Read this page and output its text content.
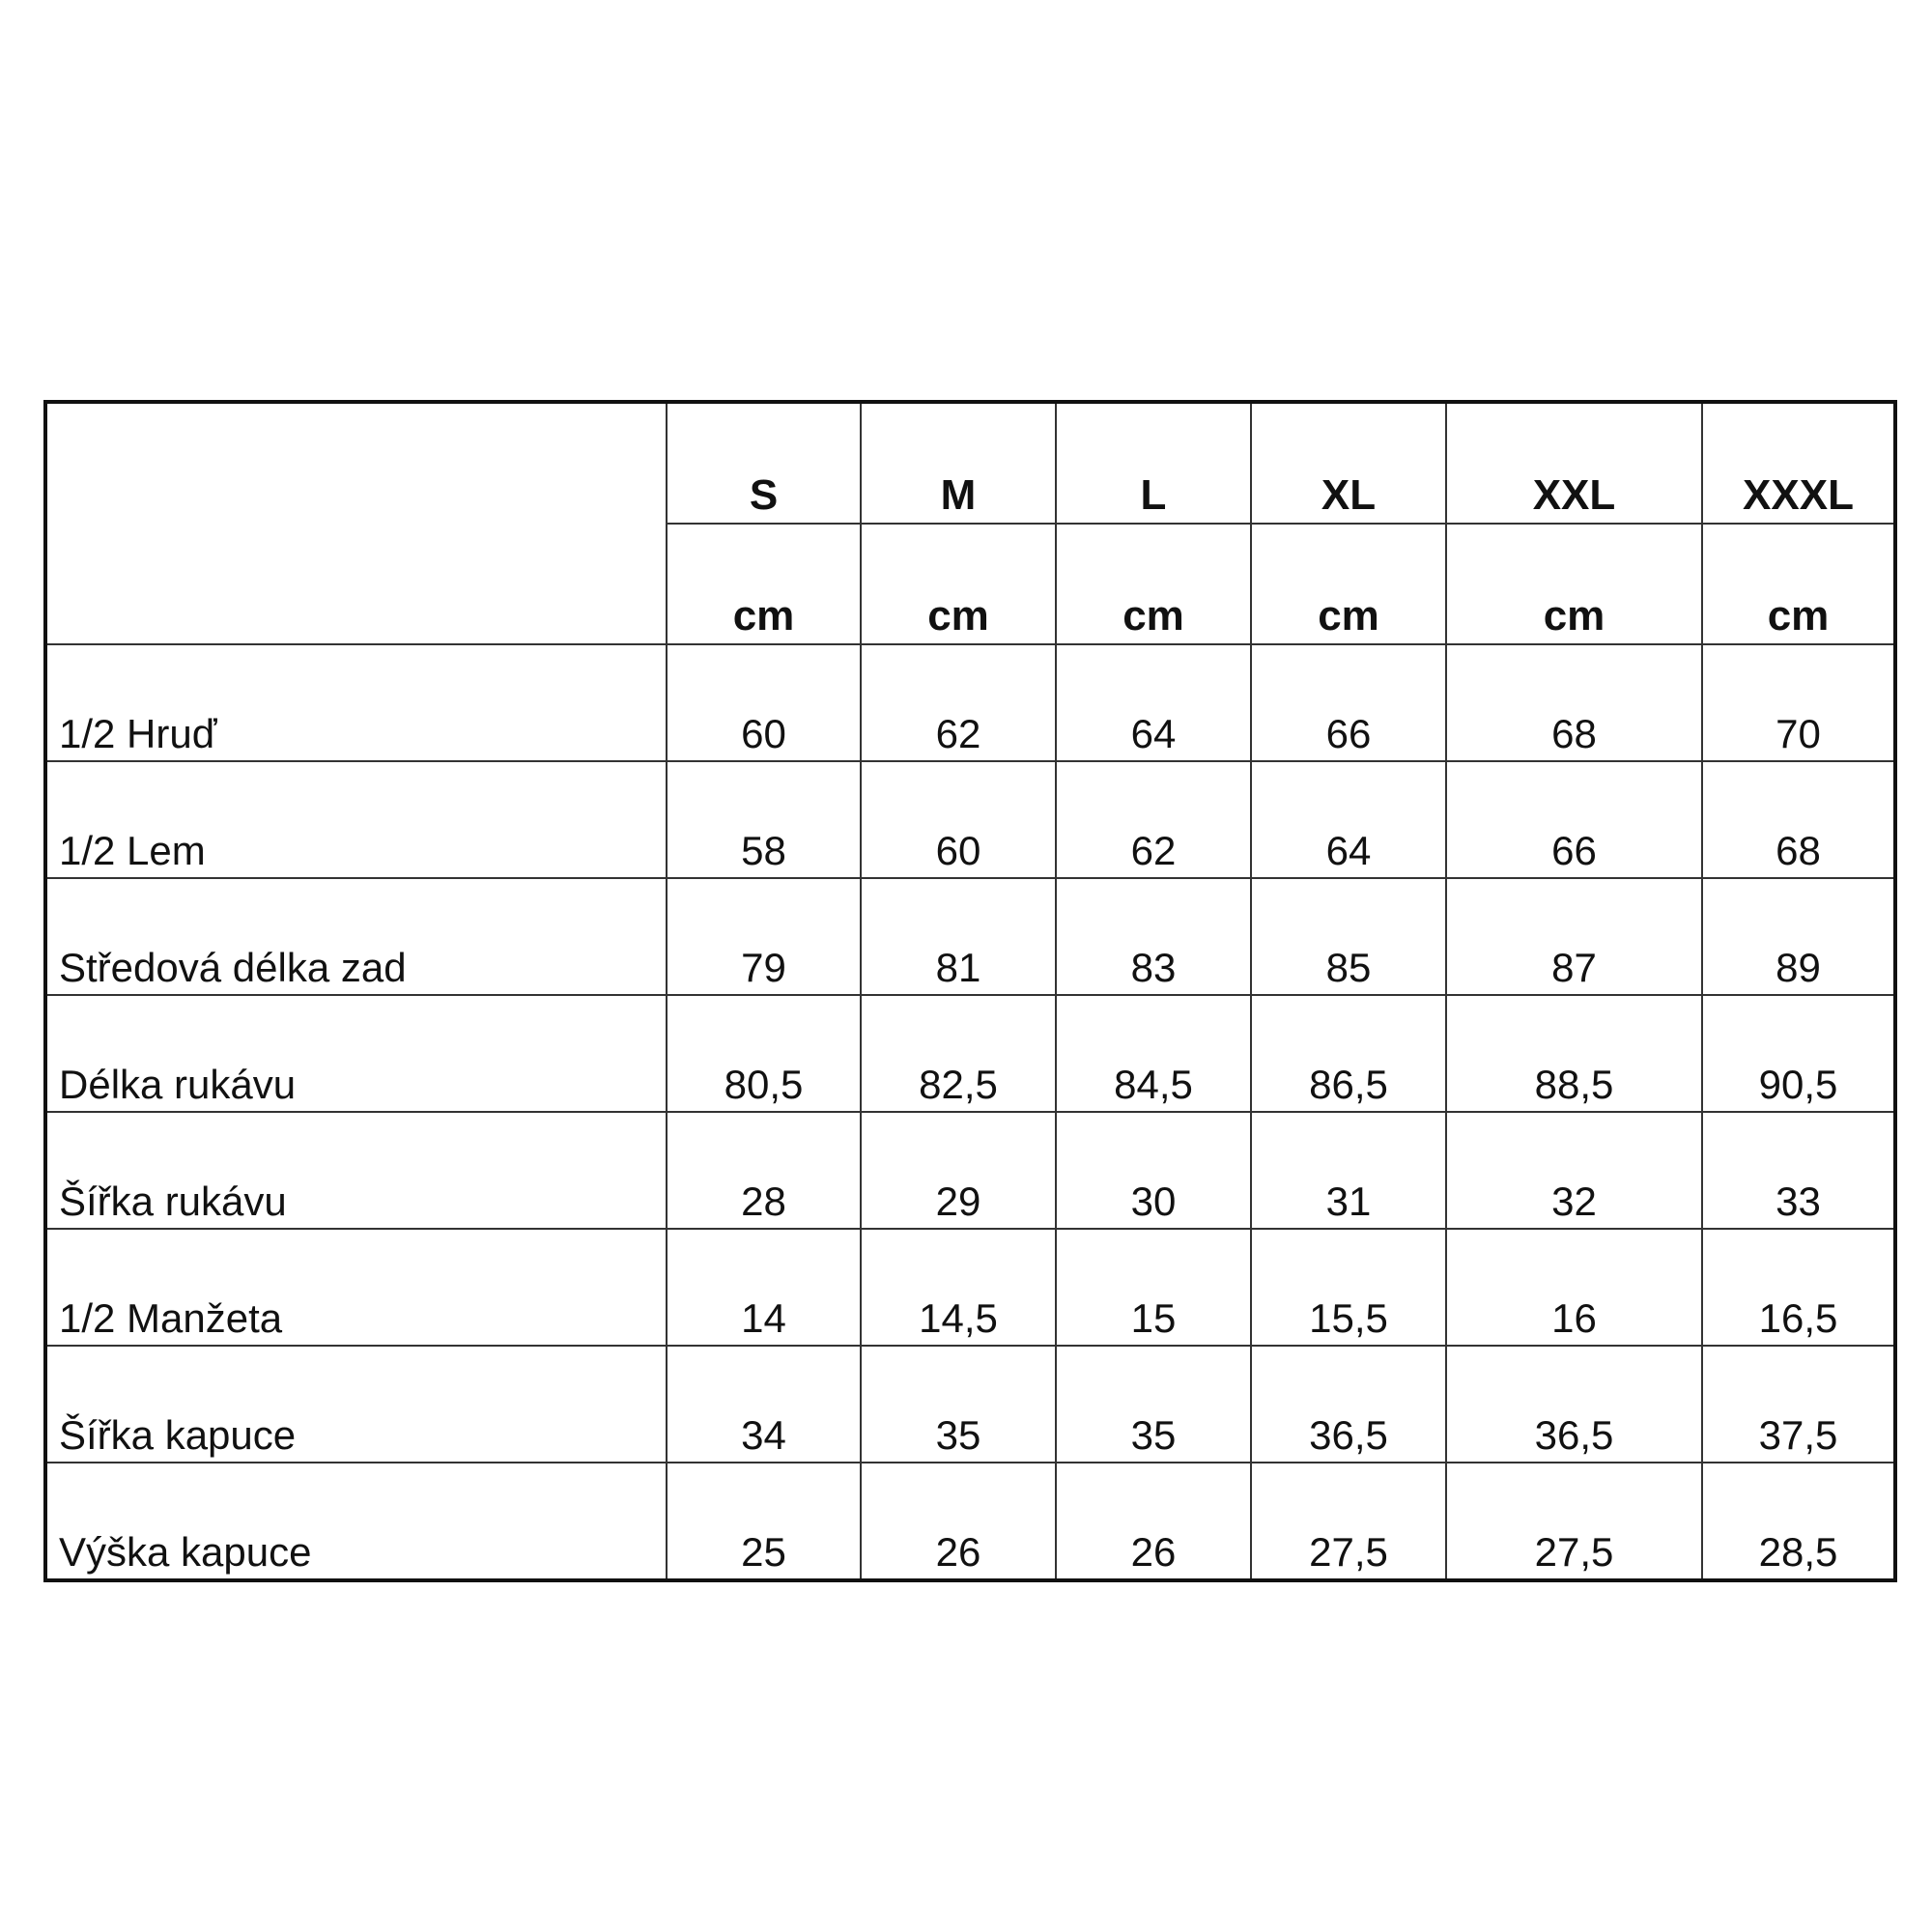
	S	M	L	XL	XXL	XXXL
	cm	cm	cm	cm	cm	cm
1/2 Hruď	60	62	64	66	68	70
1/2 Lem	58	60	62	64	66	68
Středová délka zad	79	81	83	85	87	89
Délka rukávu	80,5	82,5	84,5	86,5	88,5	90,5
Šířka rukávu	28	29	30	31	32	33
1/2 Manžeta	14	14,5	15	15,5	16	16,5
Šířka kapuce	34	35	35	36,5	36,5	37,5
Výška kapuce	25	26	26	27,5	27,5	28,5
